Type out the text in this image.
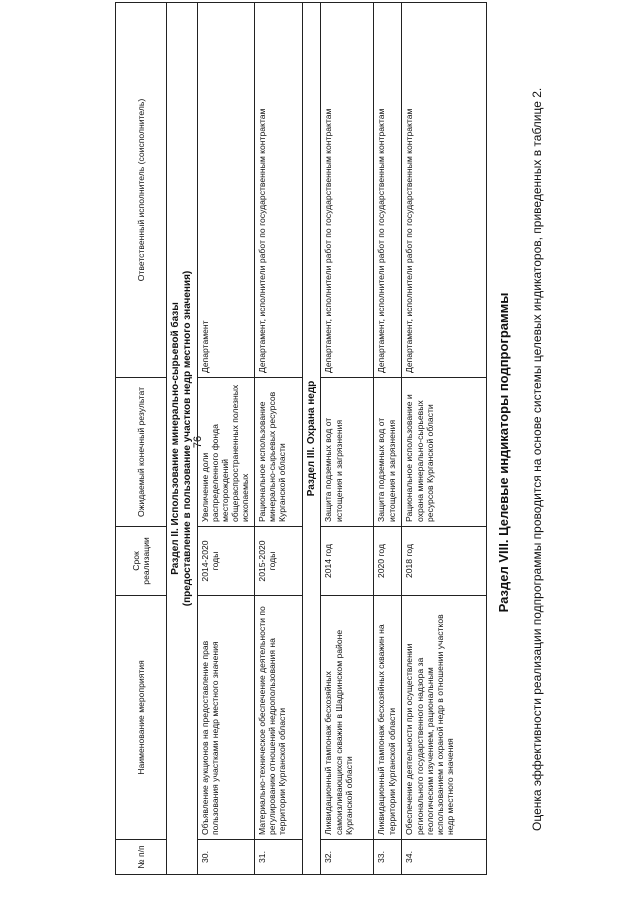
76
№ п/п	Наименование мероприятия	Срок реализации	Ожидаемый конечный результат	Ответственный исполнитель (соисполнитель)

Раздел II. Использование минерально-сырьевой базы (предоставление в пользование участков недр местного значения)				

30.	Объявление аукционов на предоставление прав пользования участками недр местного значения	2014-2020 годы	Увеличение доли распределенного фонда месторождений общераспространенных полезных ископаемых	Департамент
31.	Материально-техническое обеспечение деятельности по регулированию отношений недропользования на территории Курганской области	2015-2020 годы	Рациональное использование минерально-сырьевых ресурсов Курганской области	Департамент, исполнители работ по государственным контрактам
Раздел III. Охрана недр				
32.	Ликвидационный тампонаж бесхозяйных самоизливающихся скважин в Шадринском районе Курганской области	2014 год	Защита подземных вод от истощения и загрязнения	Департамент, исполнители работ по государственным контрактам
33.	Ликвидационный тампонаж бесхозяйных скважин на территории Курганской области	2020 год	Защита подземных вод от истощения и загрязнения	Департамент, исполнители работ по государственным контрактам
34.	Обеспечение деятельности при осуществлении регионального государственного надзора за геологическим изучением, рациональным использованием и охраной недр в отношении участков недр местного значения	2018 год	Рациональное использование и охрана минерально-сырьевых ресурсов Курганской области	Департамент, исполнители работ по государственным контрактам
Раздел VIII. Целевые индикаторы подпрограммы Оценка эффективности реализации подпрограммы проводится на основе системы целевых индикаторов, приведенных в таблице 2.
